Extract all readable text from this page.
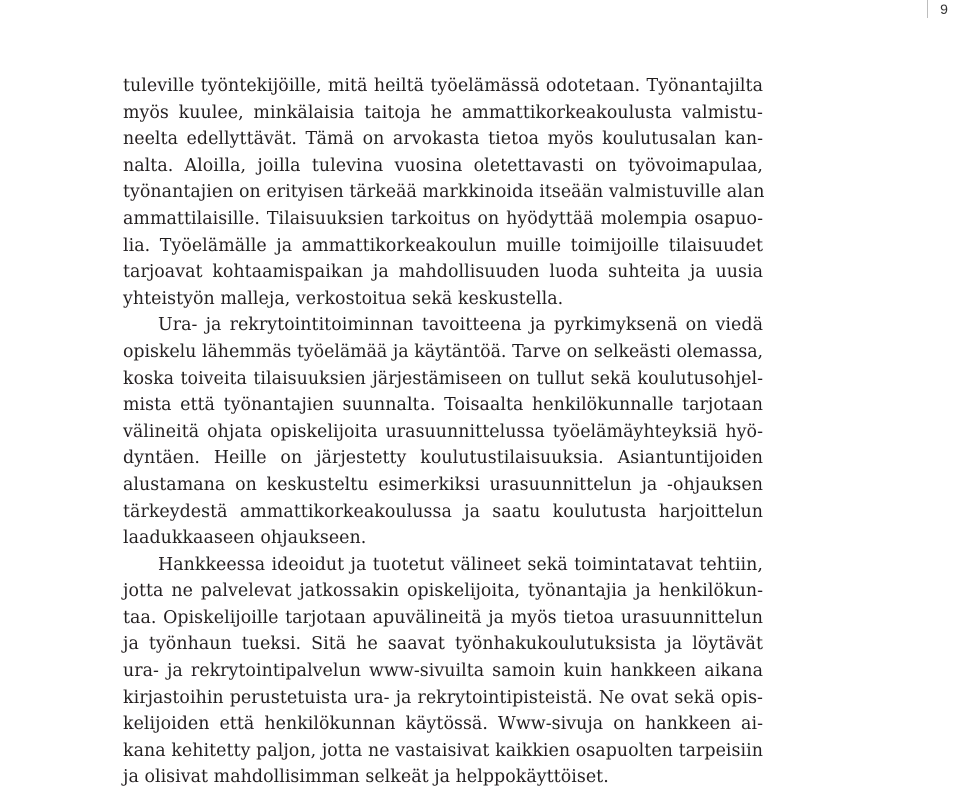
9
tuleville työntekijöille, mitä heiltä työelämässä odotetaan. Työnantajilta
myös kuulee, minkälaisia taitoja he ammattikorkeakoulusta valmistu-
neelta edellyttävät. Tämä on arvokasta tietoa myös koulutusalan kan-
nalta. Aloilla, joilla tulevina vuosina oletettavasti on työvoimapulaa,
työnantajien on erityisen tärkeää markkinoida itseään valmistuville alan
ammattilaisille. Tilaisuuksien tarkoitus on hyödyttää molempia osapuo-
lia. Työelämälle ja ammattikorkeakoulun muille toimijoille tilaisuudet
tarjoavat kohtaamispaikan ja mahdollisuuden luoda suhteita ja uusia
yhteistyön malleja, verkostoitua sekä keskustella.
Ura- ja rekrytointitoiminnan tavoitteena ja pyrkimyksenä on viedä
opiskelu lähemmäs työelämää ja käytäntöä. Tarve on selkeästi olemassa,
koska toiveita tilaisuuksien järjestämiseen on tullut sekä koulutusohjel-
mista että työnantajien suunnalta. Toisaalta henkilökunnalle tarjotaan
välineitä ohjata opiskelijoita urasuunnittelussa työelämäyhteyksiä hyö-
dyntäen. Heille on järjestetty koulutustilaisuuksia. Asiantuntijoiden
alustamana on keskusteltu esimerkiksi urasuunnittelun ja -ohjauksen
tärkeydestä ammattikorkeakoulussa ja saatu koulutusta harjoittelun
laadukkaaseen ohjaukseen.
Hankkeessa ideoidut ja tuotetut välineet sekä toimintatavat tehtiin,
jotta ne palvelevat jatkossakin opiskelijoita, työnantajia ja henkilökun-
taa. Opiskelijoille tarjotaan apuvälineitä ja myös tietoa urasuunnittelun
ja työnhaun tueksi. Sitä he saavat työnhakukoulutuksista ja löytävät
ura- ja rekrytointipalvelun www-sivuilta samoin kuin hankkeen aikana
kirjastoihin perustetuista ura- ja rekrytointipisteistä. Ne ovat sekä opis-
kelijoiden että henkilökunnan käytössä. Www-sivuja on hankkeen ai-
kana kehitetty paljon, jotta ne vastaisivat kaikkien osapuolten tarpeisiin
ja olisivat mahdollisimman selkeät ja helppokäyttöiset.
